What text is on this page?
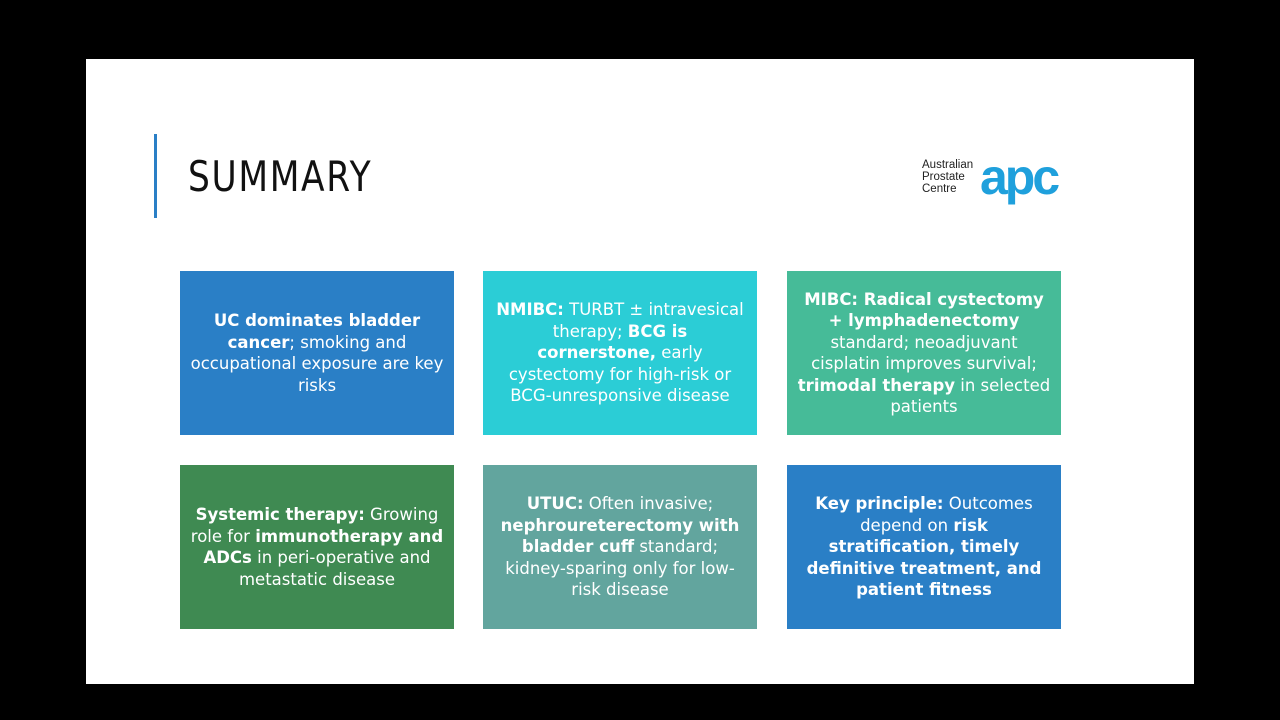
SUMMARY	Australian
Prostate
Centre apc

UC dominates bladder cancer; smoking and occupational exposure are key risks

NMIBC: TURBT ± intravesical therapy; BCG is cornerstone, early cystectomy for high-risk or BCG-unresponsive disease

MIBC: Radical cystectomy + lymphadenectomy standard; neoadjuvant cisplatin improves survival; trimodal therapy in selected patients

Systemic therapy: Growing role for immunotherapy and ADCs in peri-operative and metastatic disease

UTUC: Often invasive; nephroureterectomy with bladder cuff standard; kidney-sparing only for low-risk disease

Key principle: Outcomes depend on risk stratification, timely definitive treatment, and patient fitness
